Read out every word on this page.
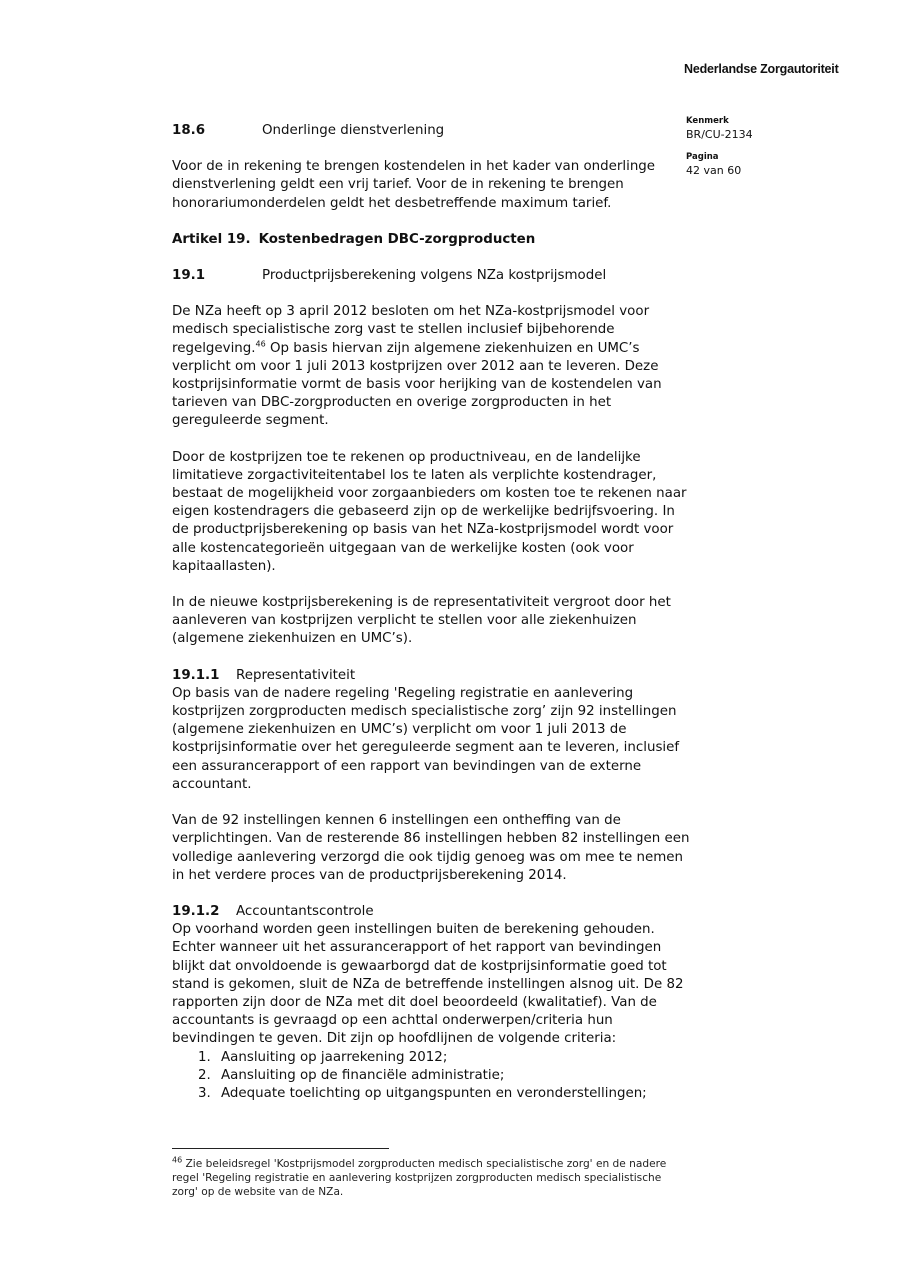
Nederlandse Zorgautoriteit
Kenmerk
BR/CU-2134
Pagina
42 van 60
18.6	Onderlinge dienstverlening

Voor de in rekening te brengen kostendelen in het kader van onderlinge dienstverlening geldt een vrij tarief. Voor de in rekening te brengen honorariumonderdelen geldt het desbetreffende maximum tarief.

Artikel 19. Kostenbedragen DBC-zorgproducten
19.1	Productprijsberekening volgens NZa kostprijsmodel

De NZa heeft op 3 april 2012 besloten om het NZa-kostprijsmodel voor medisch specialistische zorg vast te stellen inclusief bijbehorende regelgeving.$^{46}$ Op basis hiervan zijn algemene ziekenhuizen en UMC’s verplicht om voor 1 juli 2013 kostprijzen over 2012 aan te leveren. Deze kostprijsinformatie vormt de basis voor herijking van de kostendelen van tarieven van DBC-zorgproducten en overige zorgproducten in het gereguleerde segment.

Door de kostprijzen toe te rekenen op productniveau, en de landelijke limitatieve zorgactiviteitentabel los te laten als verplichte kostendrager, bestaat de mogelijkheid voor zorgaanbieders om kosten toe te rekenen naar eigen kostendragers die gebaseerd zijn op de werkelijke bedrijfsvoering. In de productprijsberekening op basis van het NZa-kostprijsmodel wordt voor alle kostencategorieën uitgegaan van de werkelijke kosten (ook voor kapitaallasten).

In de nieuwe kostprijsberekening is de representativiteit vergroot door het aanleveren van kostprijzen verplicht te stellen voor alle ziekenhuizen (algemene ziekenhuizen en UMC’s).

19.1.1	Representativiteit

Op basis van de nadere regeling 'Regeling registratie en aanlevering kostprijzen zorgproducten medisch specialistische zorg’ zijn 92 instellingen (algemene ziekenhuizen en UMC’s) verplicht om voor 1 juli 2013 de kostprijsinformatie over het gereguleerde segment aan te leveren, inclusief een assurancerapport of een rapport van bevindingen van de externe accountant.

Van de 92 instellingen kennen 6 instellingen een ontheffing van de verplichtingen. Van de resterende 86 instellingen hebben 82 instellingen een volledige aanlevering verzorgd die ook tijdig genoeg was om mee te nemen in het verdere proces van de productprijsberekening 2014.

19.1.2	Accountantscontrole

Op voorhand worden geen instellingen buiten de berekening gehouden. Echter wanneer uit het assurancerapport of het rapport van bevindingen blijkt dat onvoldoende is gewaarborgd dat de kostprijsinformatie goed tot stand is gekomen, sluit de NZa de betreffende instellingen alsnog uit. De 82 rapporten zijn door de NZa met dit doel beoordeeld (kwalitatief). Van de accountants is gevraagd op een achttal onderwerpen/criteria hun bevindingen te geven. Dit zijn op hoofdlijnen de volgende criteria:

1. Aansluiting op jaarrekening 2012;
2. Aansluiting op de financiële administratie;
3. Adequate toelichting op uitgangspunten en veronderstellingen;
$^{46}$ Zie beleidsregel 'Kostprijsmodel zorgproducten medisch specialistische zorg' en de nadere regel 'Regeling registratie en aanlevering kostprijzen zorgproducten medisch specialistische zorg' op de website van de NZa.
